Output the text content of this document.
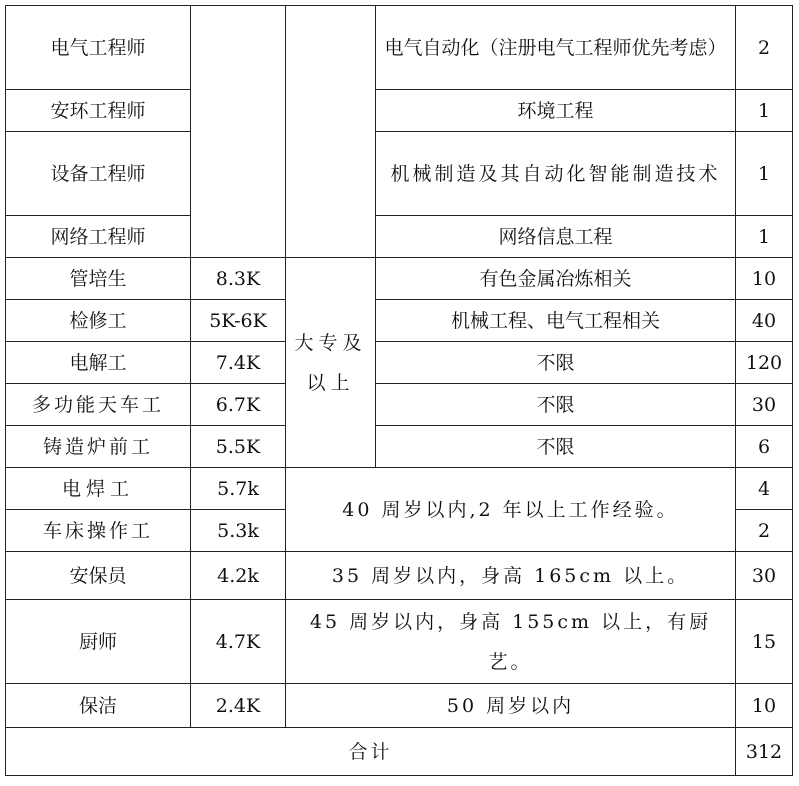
电气工程师			电气自动化（注册电气工程师优先考虑）	2
安环工程师			环境工程	1
设备工程师			机械制造及其自动化智能制造技术	1
网络工程师			网络信息工程	1
管培生	8.3K	大专及以上	有色金属冶炼相关	10
检修工	5K-6K		机械工程、电气工程相关	40
电解工	7.4K		不限	120
多功能天车工	6.7K		不限	30
铸造炉前工	5.5K		不限	6
电焊工	5.7k	40 周岁以内,2 年以上工作经验。		4
车床操作工	5.3k			2
安保员	4.2k	35 周岁以内，身高 165cm 以上。		30
厨师	4.7K	45 周岁以内，身高 155cm 以上，有厨艺。		15
保洁	2.4K	50 周岁以内		10
合计				312
